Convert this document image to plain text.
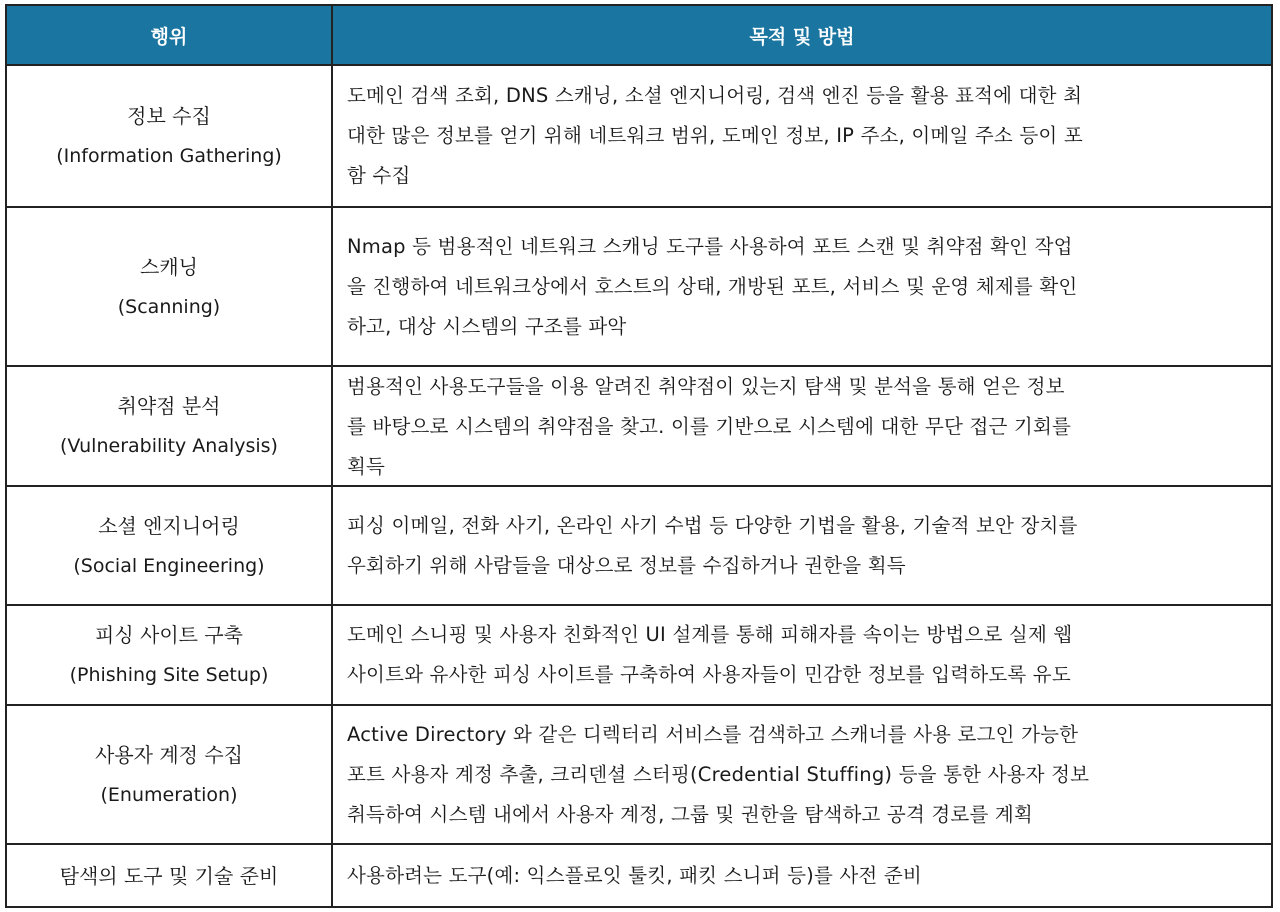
행위	목적 및 방법
정보 수집
(Information Gathering)
도메인 검색 조회, DNS 스캐닝, 소셜 엔지니어링, 검색 엔진 등을 활용 표적에 대한 최
대한 많은 정보를 얻기 위해 네트워크 범위, 도메인 정보, IP 주소, 이메일 주소 등이 포
함 수집
스캐닝
(Scanning)
Nmap 등 범용적인 네트워크 스캐닝 도구를 사용하여 포트 스캔 및 취약점 확인 작업
을 진행하여 네트워크상에서 호스트의 상태, 개방된 포트, 서비스 및 운영 체제를 확인
하고, 대상 시스템의 구조를 파악
취약점 분석
(Vulnerability Analysis)
범용적인 사용도구들을 이용 알려진 취약점이 있는지 탐색 및 분석을 통해 얻은 정보
를 바탕으로 시스템의 취약점을 찾고. 이를 기반으로 시스템에 대한 무단 접근 기회를
획득
소셜 엔지니어링
(Social Engineering)
피싱 이메일, 전화 사기, 온라인 사기 수법 등 다양한 기법을 활용, 기술적 보안 장치를
우회하기 위해 사람들을 대상으로 정보를 수집하거나 권한을 획득
피싱 사이트 구축
(Phishing Site Setup)
도메인 스니핑 및 사용자 친화적인 UI 설계를 통해 피해자를 속이는 방법으로 실제 웹
사이트와 유사한 피싱 사이트를 구축하여 사용자들이 민감한 정보를 입력하도록 유도
사용자 계정 수집
(Enumeration)
Active Directory 와 같은 디렉터리 서비스를 검색하고 스캐너를 사용 로그인 가능한
포트 사용자 계정 추출, 크리덴셜 스터핑(Credential Stuffing) 등을 통한 사용자 정보
취득하여 시스템 내에서 사용자 계정, 그룹 및 권한을 탐색하고 공격 경로를 계획
탐색의 도구 및 기술 준비	사용하려는 도구(예: 익스플로잇 툴킷, 패킷 스니퍼 등)를 사전 준비
